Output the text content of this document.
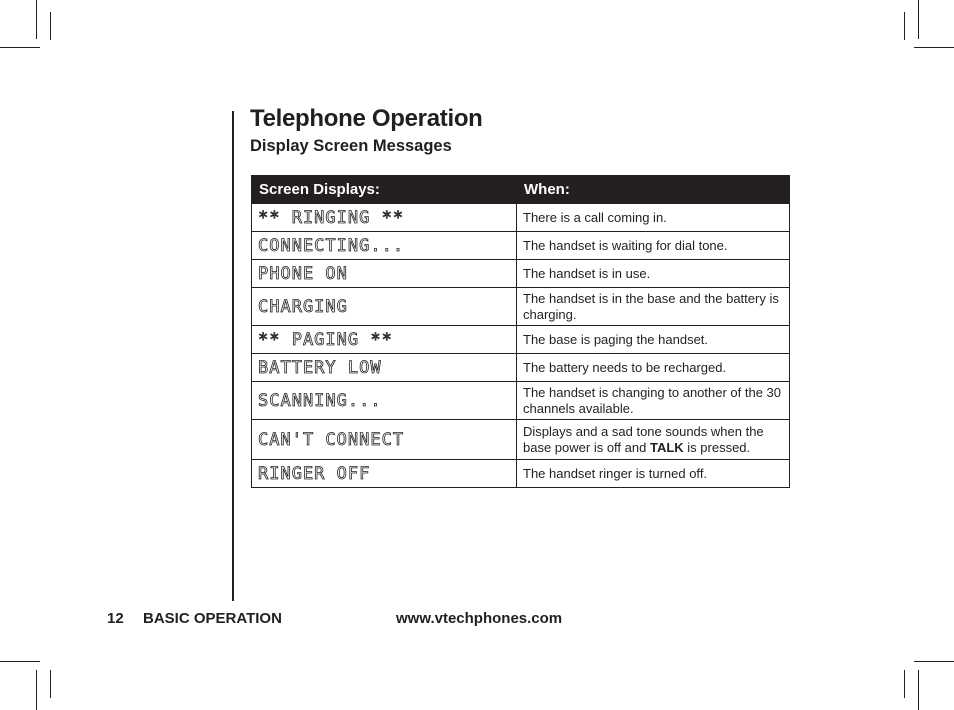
Telephone Operation
Display Screen Messages
Screen Displays:	When:
** RINGING **	There is a call coming in.
CONNECTING...	The handset is waiting for dial tone.
PHONE ON	The handset is in use.
CHARGING	The handset is in the base and the battery is charging.
** PAGING **	The base is paging the handset.
BATTERY LOW	The battery needs to be recharged.
SCANNING...	The handset is changing to another of the 30 channels available.
CAN'T CONNECT	Displays and a sad tone sounds when the base power is off and TALK is pressed.
RINGER OFF	The handset ringer is turned off.
12 BASIC OPERATION	www.vtechphones.com
